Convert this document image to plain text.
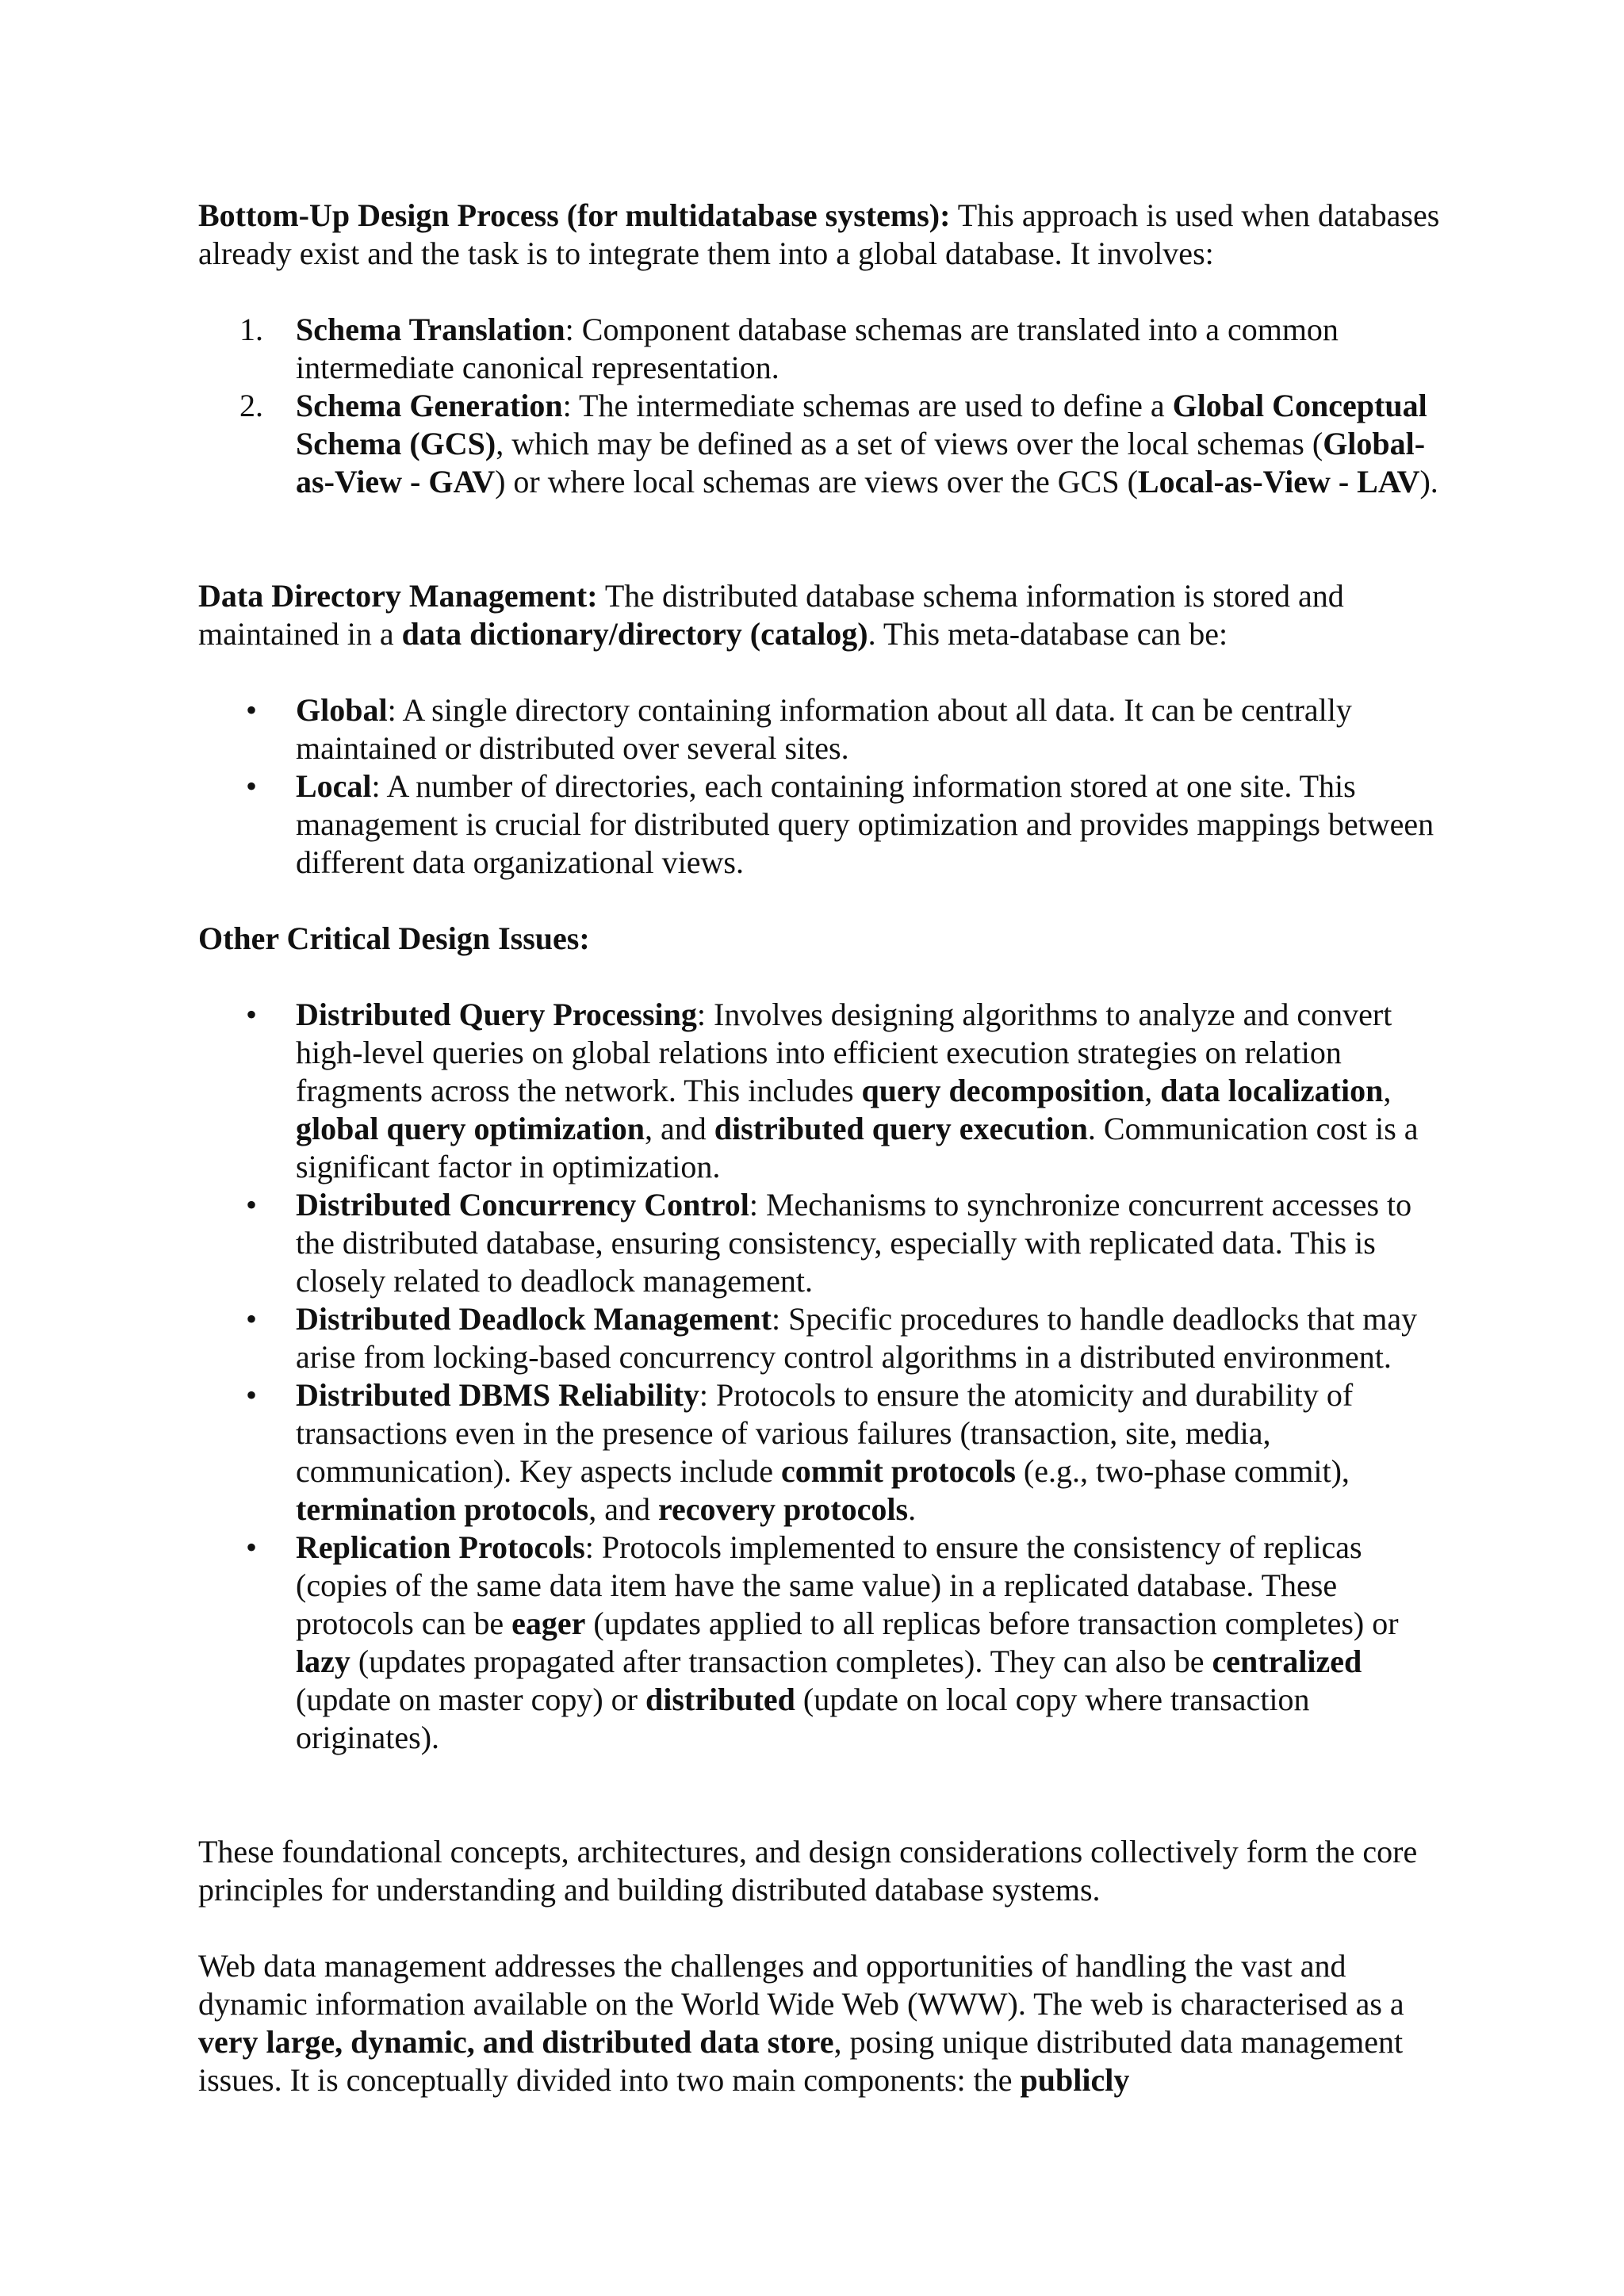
Bottom-Up Design Process (for multidatabase systems): This approach is used when databases already exist and the task is to integrate them into a global database. It involves:

1. Schema Translation: Component database schemas are translated into a common intermediate canonical representation.
2. Schema Generation: The intermediate schemas are used to define a Global Conceptual Schema (GCS), which may be defined as a set of views over the local schemas (Global-as-View - GAV) or where local schemas are views over the GCS (Local-as-View - LAV).

Data Directory Management: The distributed database schema information is stored and maintained in a data dictionary/directory (catalog). This meta-database can be:

• Global: A single directory containing information about all data. It can be centrally maintained or distributed over several sites.
• Local: A number of directories, each containing information stored at one site. This management is crucial for distributed query optimization and provides mappings between different data organizational views.

Other Critical Design Issues:

• Distributed Query Processing: Involves designing algorithms to analyze and convert high-level queries on global relations into efficient execution strategies on relation fragments across the network. This includes query decomposition, data localization, global query optimization, and distributed query execution. Communication cost is a significant factor in optimization.
• Distributed Concurrency Control: Mechanisms to synchronize concurrent accesses to the distributed database, ensuring consistency, especially with replicated data. This is closely related to deadlock management.
• Distributed Deadlock Management: Specific procedures to handle deadlocks that may arise from locking-based concurrency control algorithms in a distributed environment.
• Distributed DBMS Reliability: Protocols to ensure the atomicity and durability of transactions even in the presence of various failures (transaction, site, media, communication). Key aspects include commit protocols (e.g., two-phase commit), termination protocols, and recovery protocols.
• Replication Protocols: Protocols implemented to ensure the consistency of replicas (copies of the same data item have the same value) in a replicated database. These protocols can be eager (updates applied to all replicas before transaction completes) or lazy (updates propagated after transaction completes). They can also be centralized (update on master copy) or distributed (update on local copy where transaction originates).

These foundational concepts, architectures, and design considerations collectively form the core principles for understanding and building distributed database systems.

Web data management addresses the challenges and opportunities of handling the vast and dynamic information available on the World Wide Web (WWW). The web is characterised as a very large, dynamic, and distributed data store, posing unique distributed data management issues. It is conceptually divided into two main components: the publicly
